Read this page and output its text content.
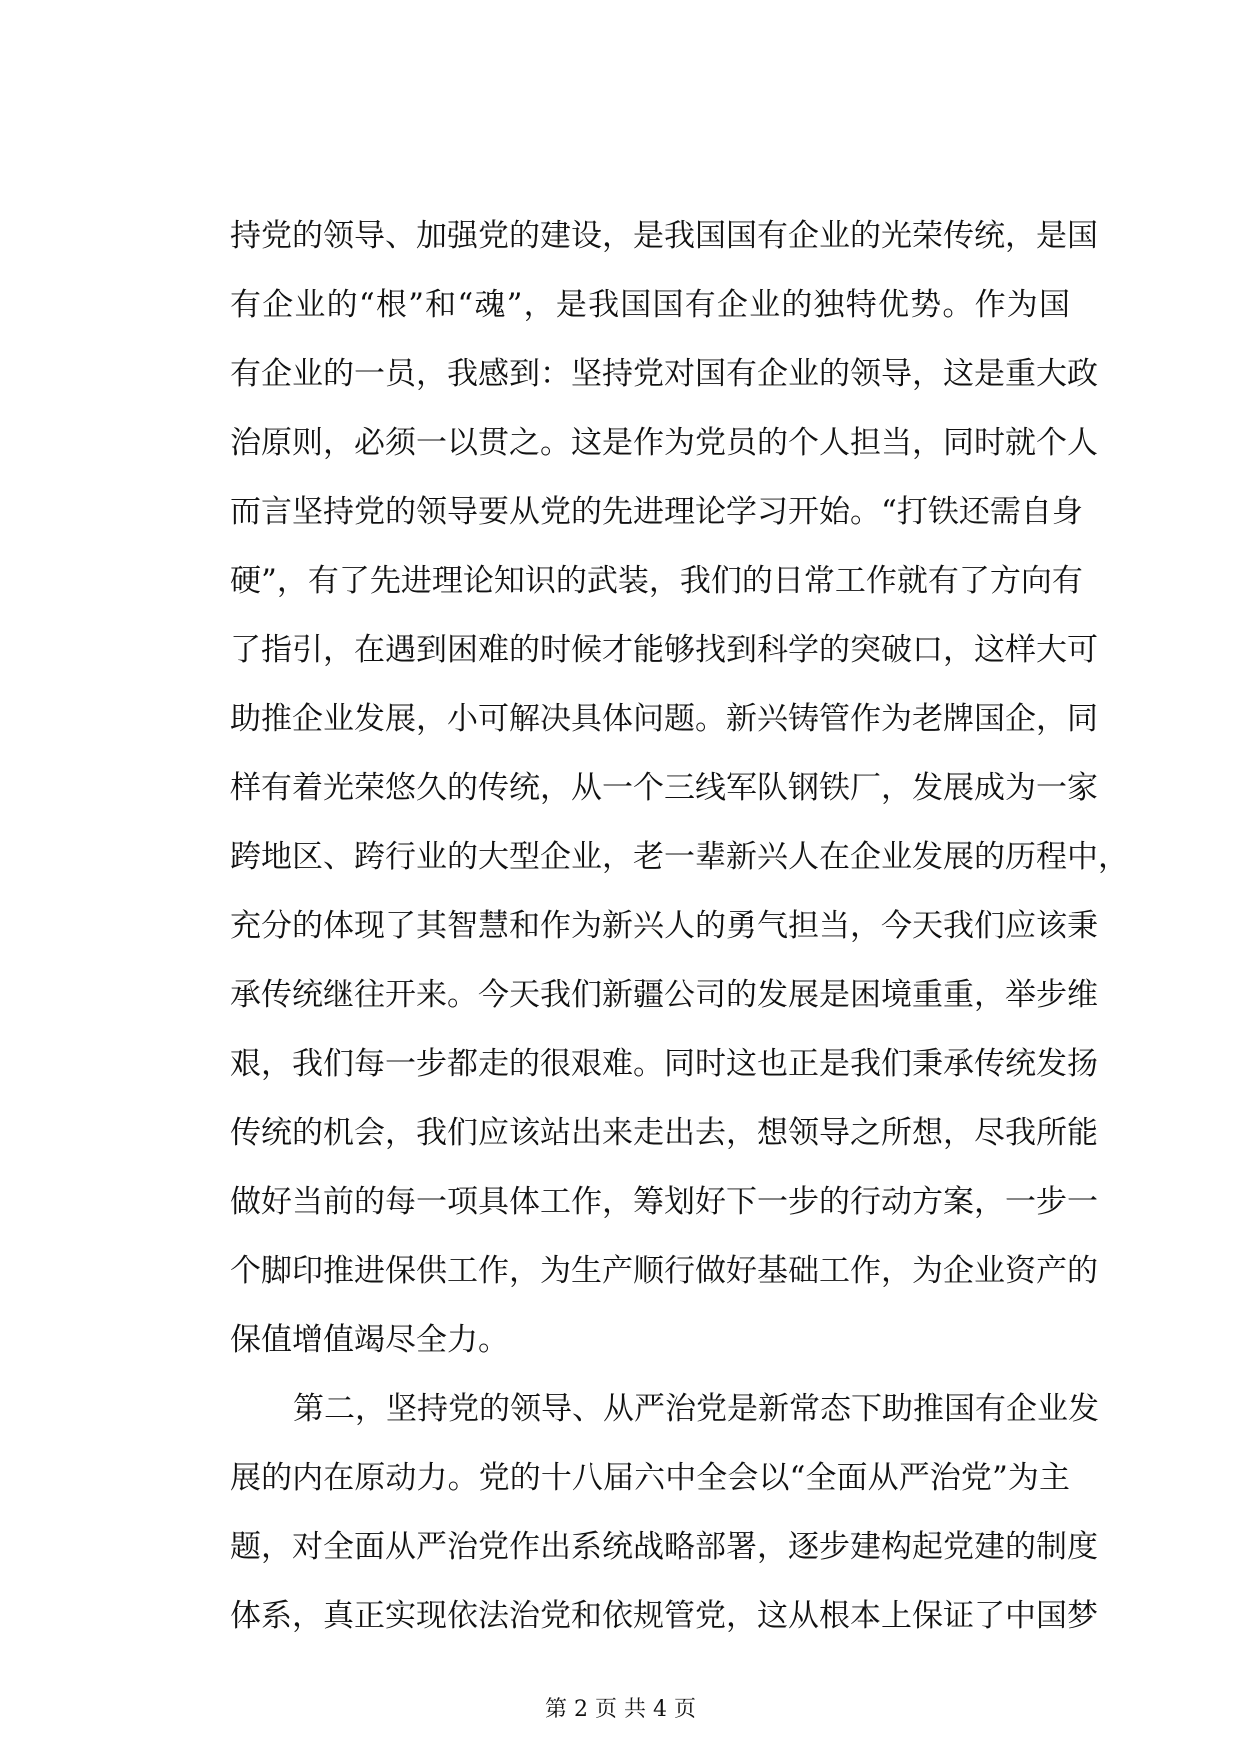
持党的领导、加强党的建设，是我国国有企业的光荣传统，是国
有企业的“根”和“魂”，是我国国有企业的独特优势。作为国
有企业的一员，我感到：坚持党对国有企业的领导，这是重大政
治原则，必须一以贯之。这是作为党员的个人担当，同时就个人
而言坚持党的领导要从党的先进理论学习开始。“打铁还需自身
硬”，有了先进理论知识的武装，我们的日常工作就有了方向有
了指引，在遇到困难的时候才能够找到科学的突破口，这样大可
助推企业发展，小可解决具体问题。新兴铸管作为老牌国企，同
样有着光荣悠久的传统，从一个三线军队钢铁厂，发展成为一家
跨地区、跨行业的大型企业，老一辈新兴人在企业发展的历程中，
充分的体现了其智慧和作为新兴人的勇气担当，今天我们应该秉
承传统继往开来。今天我们新疆公司的发展是困境重重，举步维
艰，我们每一步都走的很艰难。同时这也正是我们秉承传统发扬
传统的机会，我们应该站出来走出去，想领导之所想，尽我所能
做好当前的每一项具体工作，筹划好下一步的行动方案，一步一
个脚印推进保供工作，为生产顺行做好基础工作，为企业资产的
保值增值竭尽全力。
第二，坚持党的领导、从严治党是新常态下助推国有企业发
展的内在原动力。党的十八届六中全会以“全面从严治党”为主
题，对全面从严治党作出系统战略部署，逐步建构起党建的制度
体系，真正实现依法治党和依规管党，这从根本上保证了中国梦
第 2 页 共 4 页
